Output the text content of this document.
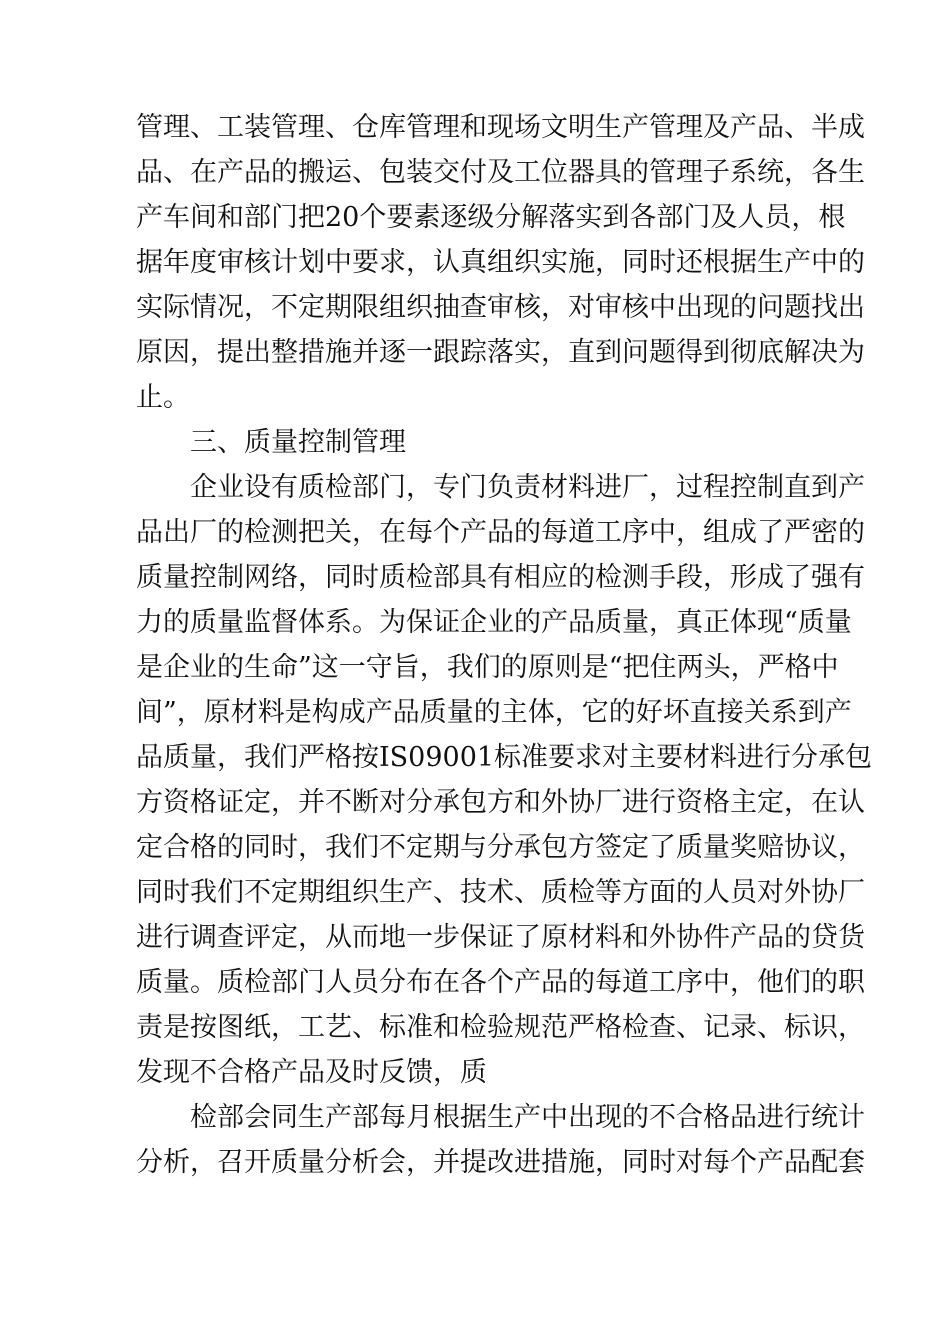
管理、工装管理、仓库管理和现场文明生产管理及产品、半成
品、在产品的搬运、包装交付及工位器具的管理子系统，各生
产车间和部门把20个要素逐级分解落实到各部门及人员，根
据年度审核计划中要求，认真组织实施，同时还根据生产中的
实际情况，不定期限组织抽查审核，对审核中出现的问题找出
原因，提出整措施并逐一跟踪落实，直到问题得到彻底解决为
止。
三、质量控制管理
企业设有质检部门，专门负责材料进厂，过程控制直到产
品出厂的检测把关，在每个产品的每道工序中，组成了严密的
质量控制网络，同时质检部具有相应的检测手段，形成了强有
力的质量监督体系。为保证企业的产品质量，真正体现“质量
是企业的生命”这一守旨，我们的原则是“把住两头，严格中
间”，原材料是构成产品质量的主体，它的好坏直接关系到产
品质量，我们严格按IS09001标准要求对主要材料进行分承包
方资格证定，并不断对分承包方和外协厂进行资格主定，在认
定合格的同时，我们不定期与分承包方签定了质量奖赔协议，
同时我们不定期组织生产、技术、质检等方面的人员对外协厂
进行调查评定，从而地一步保证了原材料和外协件产品的贷货
质量。质检部门人员分布在各个产品的每道工序中，他们的职
责是按图纸，工艺、标准和检验规范严格检查、记录、标识，
发现不合格产品及时反馈，质
检部会同生产部每月根据生产中出现的不合格品进行统计
分析，召开质量分析会，并提改进措施，同时对每个产品配套
